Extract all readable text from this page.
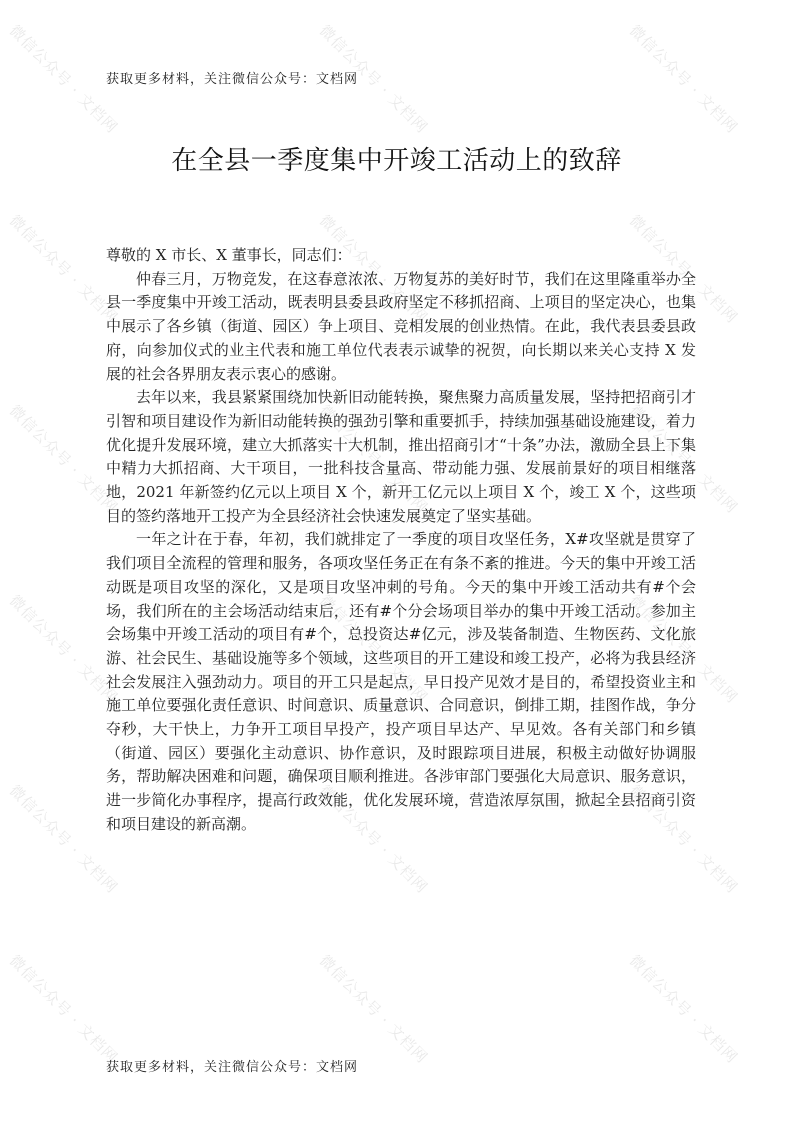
微信公众号 · 文档网	微信公众号 · 文档网	微信公众号 · 文档网
微信公众号 · 文档网	微信公众号 · 文档网	微信公众号 · 文档网
微信公众号 · 文档网	微信公众号 · 文档网	微信公众号 · 文档网
微信公众号 · 文档网	微信公众号 · 文档网	微信公众号 · 文档网
微信公众号 · 文档网	微信公众号 · 文档网	微信公众号 · 文档网
微信公众号 · 文档网	微信公众号 · 文档网	微信公众号 · 文档网
获取更多材料，关注微信公众号：文档网
在全县一季度集中开竣工活动上的致辞

尊敬的 X 市长、X 董事长，同志们：

仲春三月，万物竞发，在这春意浓浓、万物复苏的美好时节，我们在这里隆重举办全县一季度集中开竣工活动，既表明县委县政府坚定不移抓招商、上项目的坚定决心，也集中展示了各乡镇（街道、园区）争上项目、竞相发展的创业热情。在此，我代表县委县政府，向参加仪式的业主代表和施工单位代表表示诚挚的祝贺，向长期以来关心支持 X 发展的社会各界朋友表示衷心的感谢。

去年以来，我县紧紧围绕加快新旧动能转换，聚焦聚力高质量发展，坚持把招商引才引智和项目建设作为新旧动能转换的强劲引擎和重要抓手，持续加强基础设施建设，着力优化提升发展环境，建立大抓落实十大机制，推出招商引才“十条”办法，激励全县上下集中精力大抓招商、大干项目，一批科技含量高、带动能力强、发展前景好的项目相继落地，2021 年新签约亿元以上项目 X 个，新开工亿元以上项目 X 个，竣工 X 个，这些项目的签约落地开工投产为全县经济社会快速发展奠定了坚实基础。

一年之计在于春，年初，我们就排定了一季度的项目攻坚任务，X#攻坚就是贯穿了我们项目全流程的管理和服务，各项攻坚任务正在有条不紊的推进。今天的集中开竣工活动既是项目攻坚的深化，又是项目攻坚冲刺的号角。今天的集中开竣工活动共有#个会场，我们所在的主会场活动结束后，还有#个分会场项目举办的集中开竣工活动。参加主会场集中开竣工活动的项目有#个，总投资达#亿元，涉及装备制造、生物医药、文化旅游、社会民生、基础设施等多个领域，这些项目的开工建设和竣工投产，必将为我县经济社会发展注入强劲动力。项目的开工只是起点，早日投产见效才是目的，希望投资业主和施工单位要强化责任意识、时间意识、质量意识、合同意识，倒排工期，挂图作战，争分夺秒，大干快上，力争开工项目早投产，投产项目早达产、早见效。各有关部门和乡镇（街道、园区）要强化主动意识、协作意识，及时跟踪项目进展，积极主动做好协调服务，帮助解决困难和问题，确保项目顺利推进。各涉审部门要强化大局意识、服务意识，进一步简化办事程序，提高行政效能，优化发展环境，营造浓厚氛围，掀起全县招商引资和项目建设的新高潮。

获取更多材料，关注微信公众号：文档网
